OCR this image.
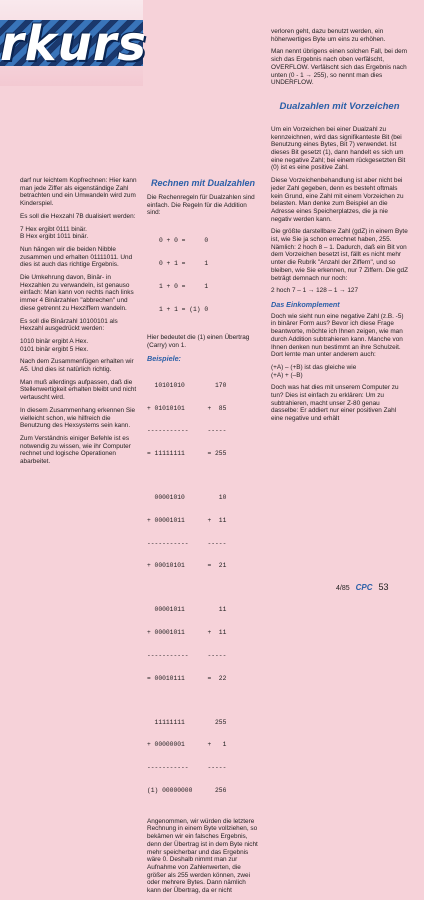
rkurs

darf nur leichtem Kopfrechnen: Hier kann man jede Ziffer als eigenständige Zahl betrachten und ein Umwandeln wird zum Kinderspiel.

Es soll die Hexzahl 7B dualisiert werden:

7 Hex ergibt 0111 binär.

B Hex ergibt 1011 binär.

Nun hängen wir die beiden Nibble zusammen und erhalten 01111011. Und dies ist auch das richtige Ergebnis.

Die Umkehrung davon, Binär- in Hexzahlen zu verwandeln, ist genauso einfach: Man kann von rechts nach links immer 4 Binärzahlen "abbrechen" und diese getrennt zu Hexziffern wandeln.

Es soll die Binärzahl 10100101 als Hexzahl ausgedrückt werden:

1010 binär ergibt A Hex.

0101 binär ergibt 5 Hex.

Nach dem Zusammenfügen erhalten wir A5. Und dies ist natürlich richtig.

Man muß allerdings aufpassen, daß die Stellenwertigkeit erhalten bleibt und nicht vertauscht wird.

In diesem Zusammenhang erkennen Sie vielleicht schon, wie hilfreich die Benutzung des Hexsystems sein kann.

Zum Verständnis einiger Befehle ist es notwendig zu wissen, wie ihr Computer rechnet und logische Operationen abarbeitet.

Rechnen mit Dualzahlen

Die Rechenregeln für Dualzahlen sind einfach. Die Regeln für die Addition sind:

0 + 0 =     0

0 + 1 =     1

1 + 0 =     1

1 + 1 = (1) 0

Hier bedeutet die (1) einen Übertrag (Carry) von 1.

Beispiele:

10101010        170

+ 01010101      +  85

-----------     -----

= 11111111      = 255

00001010         10

+ 00001011      +  11

-----------     -----

+ 00010101      =  21

00001011         11

+ 00001011      +  11

-----------     -----

= 00010111      =  22

11111111        255

+ 00000001      +   1

-----------     -----

(1) 00000000      256

Angenommen, wir würden die letztere Rechnung in einem Byte vollziehen, so bekämen wir ein falsches Ergebnis, denn der Übertrag ist in dem Byte nicht mehr speicherbar und das Ergebnis wäre 0. Deshalb nimmt man zur Aufnahme von Zahlenwerten, die größer als 255 werden können, zwei oder mehrere Bytes. Dann nämlich kann der Übertrag, da er nicht

verloren geht, dazu benutzt werden, ein höherwertiges Byte um eins zu erhöhen.

Man nennt übrigens einen solchen Fall, bei dem sich das Ergebnis nach oben verfälscht, OVERFLOW. Verfälscht sich das Ergebnis nach unten (0 - 1 → 255), so nennt man dies UNDERFLOW.

Dualzahlen mit Vorzeichen

Um ein Vorzeichen bei einer Dualzahl zu kennzeichnen, wird das signifikanteste Bit (bei Benutzung eines Bytes, Bit 7) verwendet. Ist dieses Bit gesetzt (1), dann handelt es sich um eine negative Zahl; bei einem rückgesetzten Bit (0) ist es eine positive Zahl.

Diese Vorzeichenbehandlung ist aber nicht bei jeder Zahl gegeben, denn es besteht oftmals kein Grund, eine Zahl mit einem Vorzeichen zu belasten. Man denke zum Beispiel an die Adresse eines Speicherplatzes, die ja nie negativ werden kann.

Die größte darstellbare Zahl (gdZ) in einem Byte ist, wie Sie ja schon errechnet haben, 255. Nämlich: 2 hoch 8 – 1. Dadurch, daß ein Bit von dem Vorzeichen besetzt ist, fällt es nicht mehr unter die Rubrik "Anzahl der Ziffern", und so bleiben, wie Sie erkennen, nur 7 Ziffern. Die gdZ beträgt demnach nur noch:

2 hoch 7 – 1 → 128 – 1 → 127

Das Einkomplement

Doch wie sieht nun eine negative Zahl (z.B. -5) in binärer Form aus? Bevor ich diese Frage beantworte, möchte ich Ihnen zeigen, wie man durch Addition subtrahieren kann. Manche von Ihnen denken nun bestimmt an ihre Schulzeit. Dort lernte man unter anderem auch:

(+A) – (+B) ist das gleiche wie

(+A) + (–B)

Doch was hat dies mit unserem Computer zu tun? Dies ist einfach zu erklären: Um zu subtrahieren, macht unser Z-80 genau dasselbe: Er addiert nur einer positiven Zahl eine negative und erhält

4/85 CPC 53
